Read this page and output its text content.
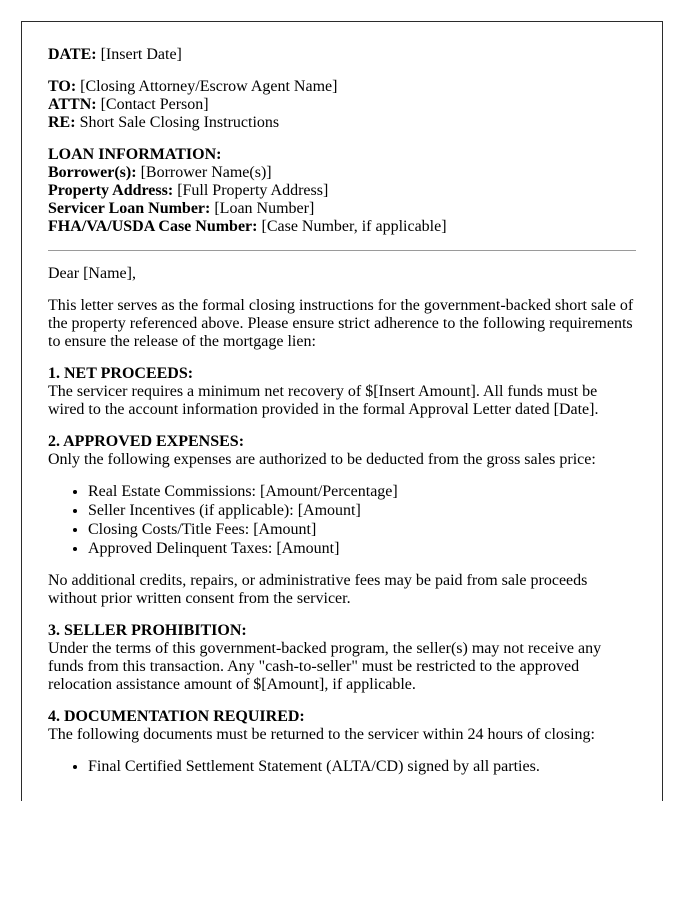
DATE: [Insert Date]

TO: [Closing Attorney/Escrow Agent Name]
ATTN: [Contact Person]
RE: Short Sale Closing Instructions

LOAN INFORMATION:
Borrower(s): [Borrower Name(s)]
Property Address: [Full Property Address]
Servicer Loan Number: [Loan Number]
FHA/VA/USDA Case Number: [Case Number, if applicable]

Dear [Name],

This letter serves as the formal closing instructions for the government-backed short sale of the property referenced above. Please ensure strict adherence to the following requirements to ensure the release of the mortgage lien:

1. NET PROCEEDS:
The servicer requires a minimum net recovery of $[Insert Amount]. All funds must be wired to the account information provided in the formal Approval Letter dated [Date].

2. APPROVED EXPENSES:
Only the following expenses are authorized to be deducted from the gross sales price:

• Real Estate Commissions: [Amount/Percentage]
• Seller Incentives (if applicable): [Amount]
• Closing Costs/Title Fees: [Amount]
• Approved Delinquent Taxes: [Amount]

No additional credits, repairs, or administrative fees may be paid from sale proceeds without prior written consent from the servicer.

3. SELLER PROHIBITION:
Under the terms of this government-backed program, the seller(s) may not receive any funds from this transaction. Any "cash-to-seller" must be restricted to the approved relocation assistance amount of $[Amount], if applicable.

4. DOCUMENTATION REQUIRED:
The following documents must be returned to the servicer within 24 hours of closing:

• Final Certified Settlement Statement (ALTA/CD) signed by all parties.
